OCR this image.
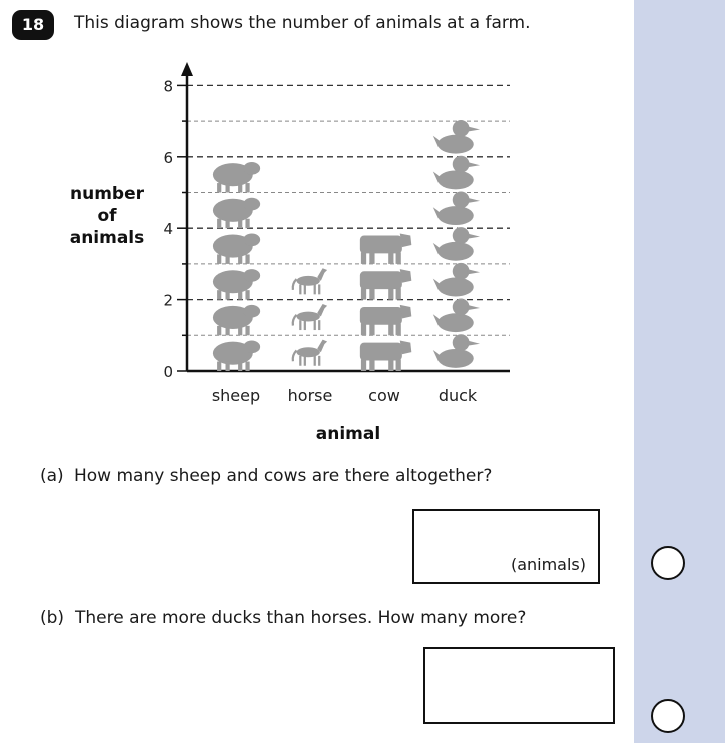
18	This diagram shows the number of animals at a farm.
0
2
4
6
8
sheep horse cow duck
animal
number
of
animals
(a) How many sheep and cows are there altogether?
(animals)
(b) There are more ducks than horses. How many more?
